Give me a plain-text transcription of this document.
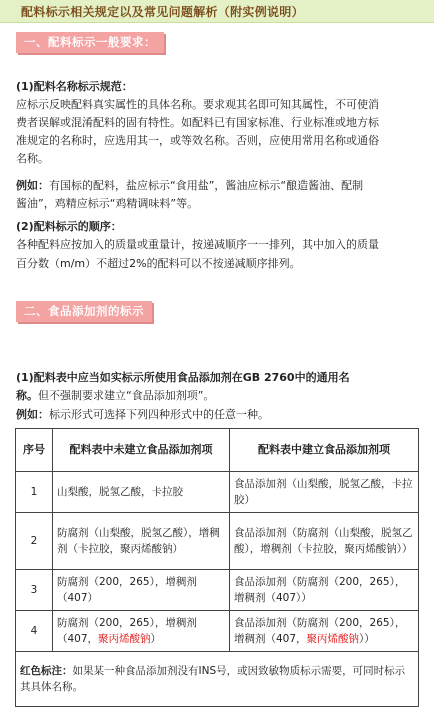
配料标示相关规定以及常见问题解析（附实例说明）
一、配料标示一般要求：
(1)配料名称标示规范：
应标示反映配料真实属性的具体名称。要求观其名即可知其属性，不可使消
费者误解或混淆配料的固有特性。如配料已有国家标准、行业标准或地方标
准规定的名称时，应选用其一，或等效名称。否则，应使用常用名称或通俗
名称。
例如：有国标的配料，盐应标示“食用盐”，酱油应标示“酿造酱油、配制
酱油”，鸡精应标示“鸡精调味料”等。
(2)配料标示的顺序：
各种配料应按加入的质量或重量计，按递减顺序一一排列，其中加入的质量
百分数（m/m）不超过2%的配料可以不按递减顺序排列。
二、食品添加剂的标示
(1)配料表中应当如实标示所使用食品添加剂在GB 2760中的通用名
称。但不强制要求建立“食品添加剂项”。
例如：标示形式可选择下列四种形式中的任意一种。
序号	配料表中未建立食品添加剂项	配料表中建立食品添加剂项
1	山梨酸，脱氢乙酸，卡拉胶	食品添加剂（山梨酸，脱氢乙酸，卡拉胶）
2	防腐剂（山梨酸，脱氢乙酸），增稠剂（卡拉胶，聚丙烯酸钠）	食品添加剂（防腐剂（山梨酸，脱氢乙酸），增稠剂（卡拉胶，聚丙烯酸钠））
3	防腐剂（200，265），增稠剂（407）	食品添加剂（防腐剂（200，265），增稠剂（407））
4	防腐剂（200，265），增稠剂（407，聚丙烯酸钠）	食品添加剂（防腐剂（200，265），增稠剂（407，聚丙烯酸钠））
红色标注：如果某一种食品添加剂没有INS号，或因致敏物质标示需要，可同时标示其具体名称。		
